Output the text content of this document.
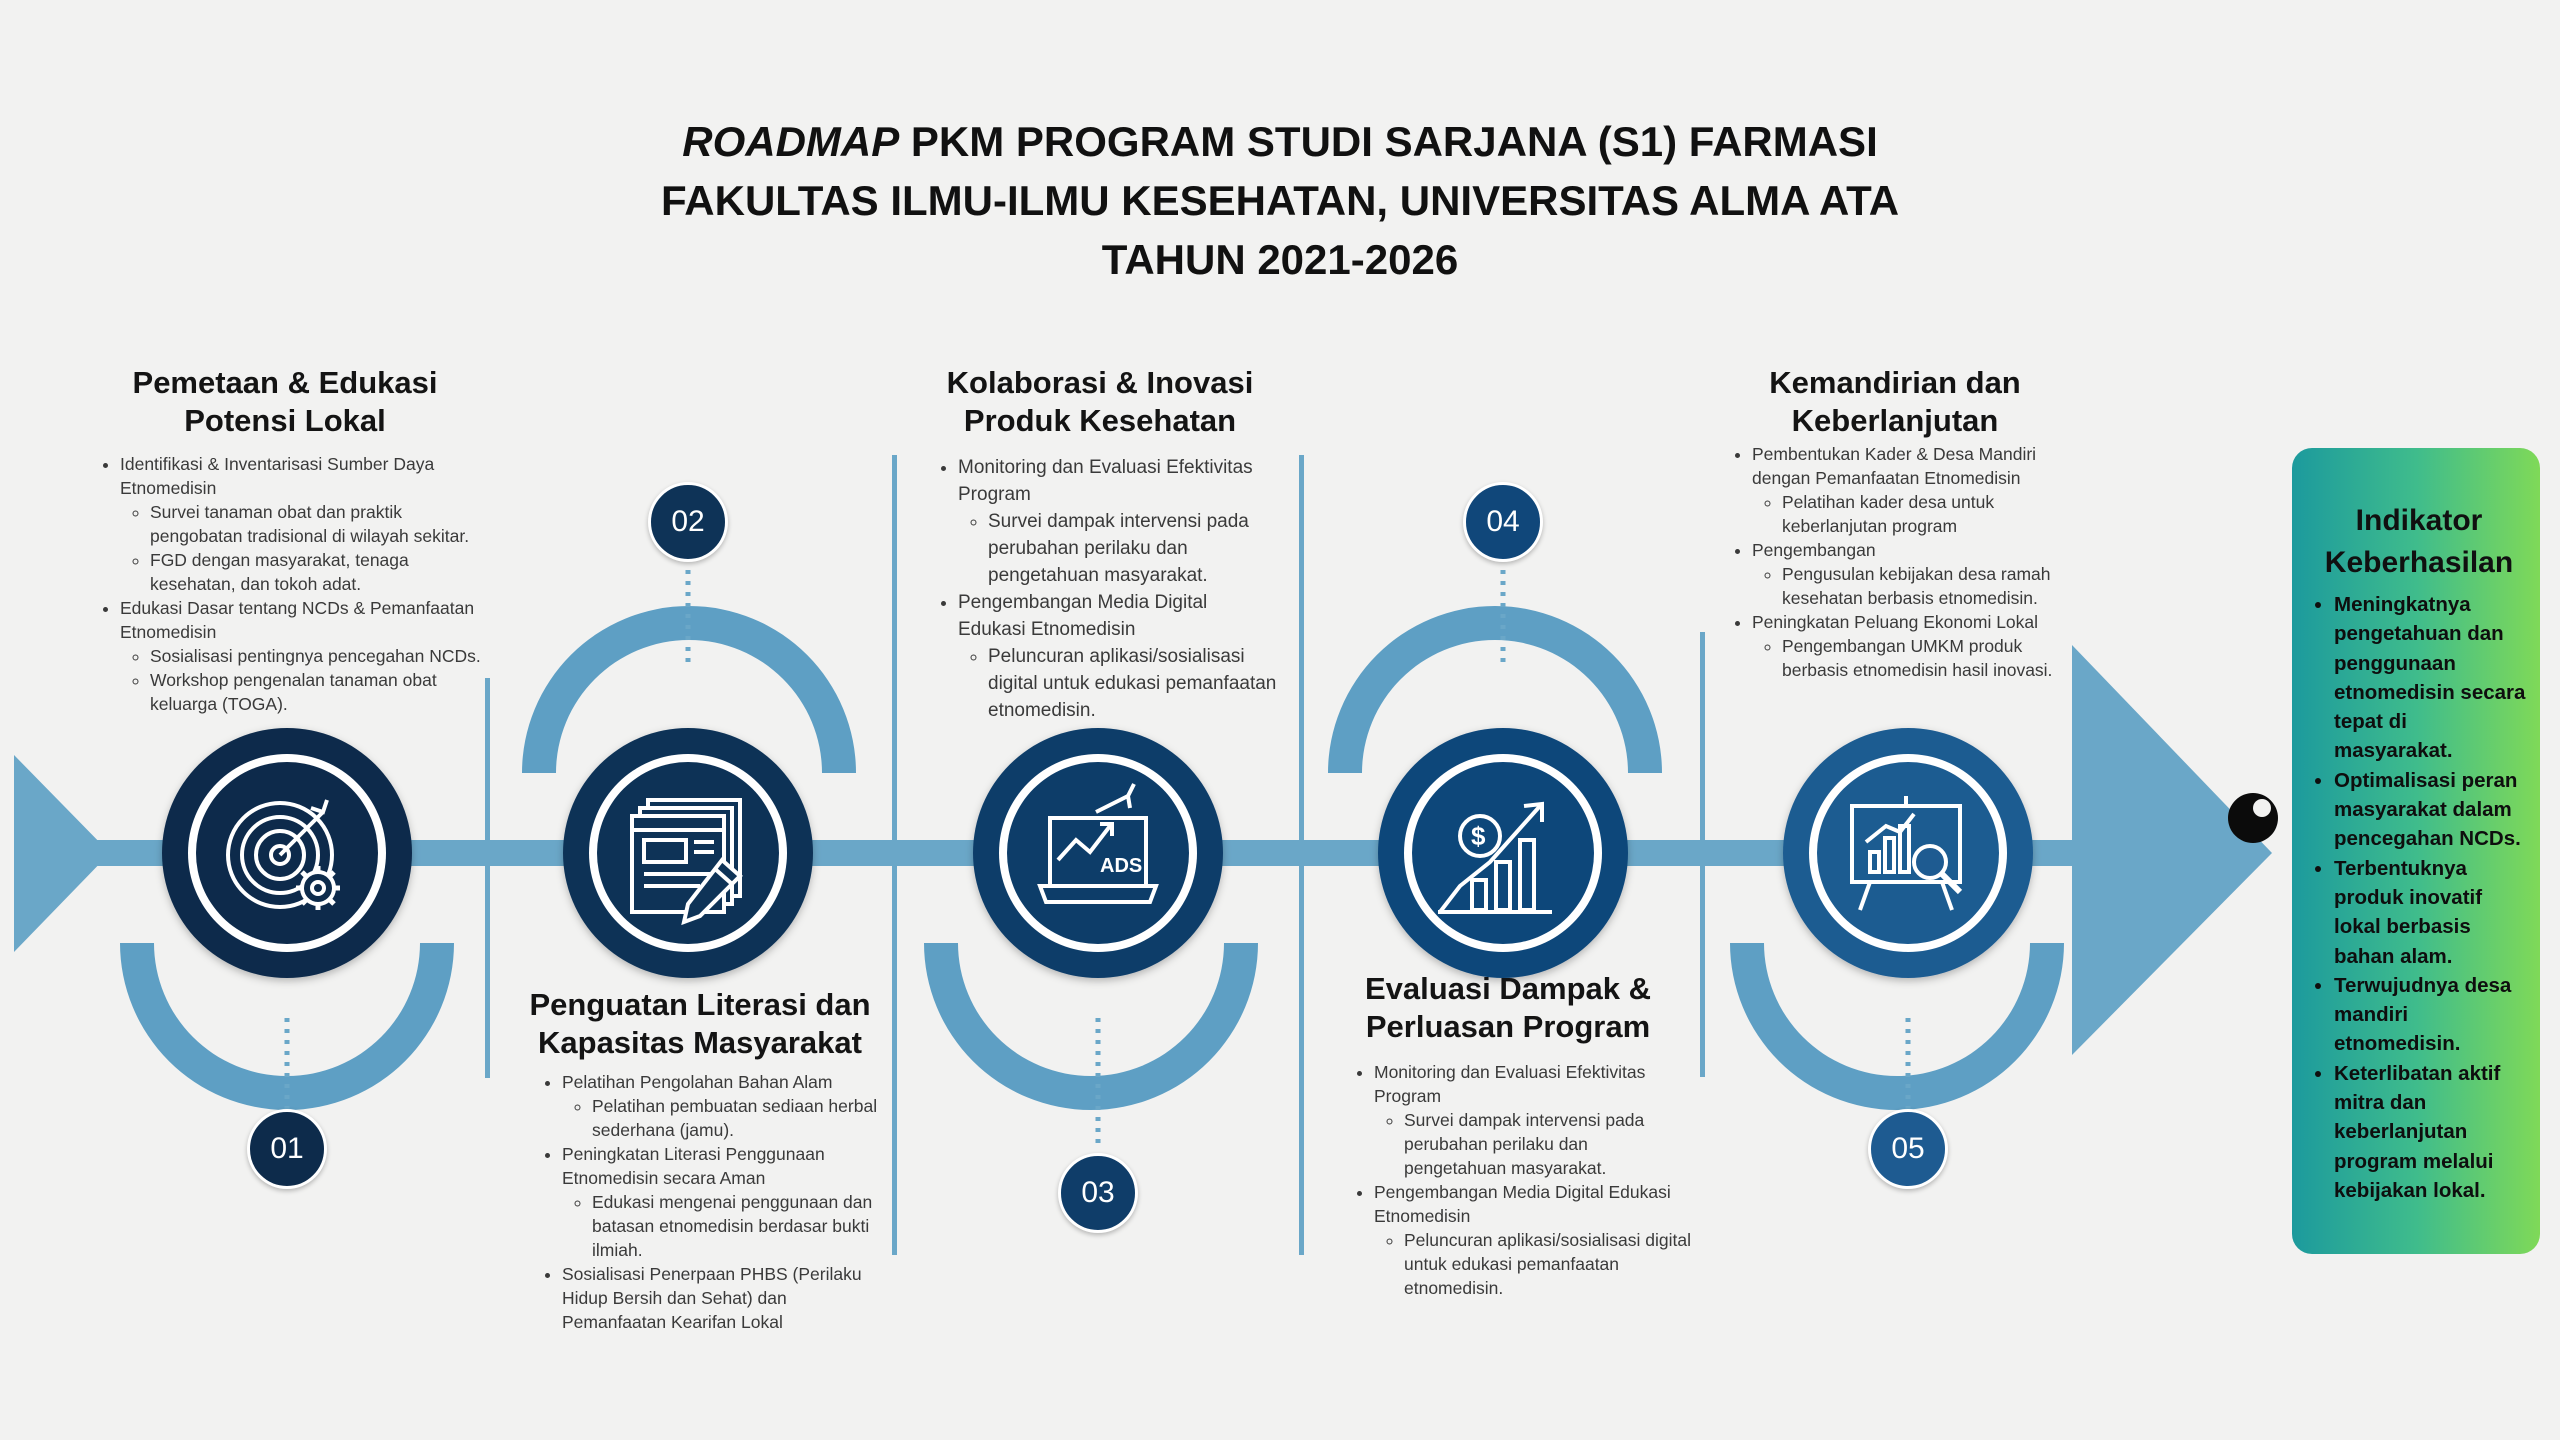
ROADMAP PKM PROGRAM STUDI SARJANA (S1) FARMASI
FAKULTAS ILMU-ILMU KESEHATAN, UNIVERSITAS ALMA ATA
TAHUN 2021-2026
ADS
$
Pemetaan & Edukasi
Potensi Lokal
Penguatan Literasi dan
Kapasitas Masyarakat
Kolaborasi & Inovasi
Produk Kesehatan
Evaluasi Dampak &
Perluasan Program
Kemandirian dan
Keberlanjutan
• Identifikasi & Inventarisasi Sumber Daya Etnomedisin
◦ Survei tanaman obat dan praktik pengobatan tradisional di wilayah sekitar.
◦ FGD dengan masyarakat, tenaga kesehatan, dan tokoh adat.
• Edukasi Dasar tentang NCDs & Pemanfaatan Etnomedisin
◦ Sosialisasi pentingnya pencegahan NCDs.
◦ Workshop pengenalan tanaman obat keluarga (TOGA).
• Pelatihan Pengolahan Bahan Alam
◦ Pelatihan pembuatan sediaan herbal sederhana (jamu).
• Peningkatan Literasi Penggunaan Etnomedisin secara Aman
◦ Edukasi mengenai penggunaan dan batasan etnomedisin berdasar bukti ilmiah.
• Sosialisasi Penerpaan PHBS (Perilaku Hidup Bersih dan Sehat) dan Pemanfaatan Kearifan Lokal
• Monitoring dan Evaluasi Efektivitas Program
◦ Survei dampak intervensi pada perubahan perilaku dan pengetahuan masyarakat.
• Pengembangan Media Digital Edukasi Etnomedisin
◦ Peluncuran aplikasi/sosialisasi digital untuk edukasi pemanfaatan etnomedisin.
• Monitoring dan Evaluasi Efektivitas Program
◦ Survei dampak intervensi pada perubahan perilaku dan pengetahuan masyarakat.
• Pengembangan Media Digital Edukasi Etnomedisin
◦ Peluncuran aplikasi/sosialisasi digital untuk edukasi pemanfaatan etnomedisin.
• Pembentukan Kader & Desa Mandiri dengan Pemanfaatan Etnomedisin
◦ Pelatihan kader desa untuk keberlanjutan program
• Pengembangan
◦ Pengusulan kebijakan desa ramah kesehatan berbasis etnomedisin.
• Peningkatan Peluang Ekonomi Lokal
◦ Pengembangan UMKM produk berbasis etnomedisin hasil inovasi.
01
02
03
04
05
Indikator
Keberhasilan
• Meningkatnya pengetahuan dan penggunaan etnomedisin secara tepat di masyarakat.
• Optimalisasi peran masyarakat dalam pencegahan NCDs.
• Terbentuknya produk inovatif lokal berbasis bahan alam.
• Terwujudnya desa mandiri etnomedisin.
• Keterlibatan aktif mitra dan keberlanjutan program melalui kebijakan lokal.
